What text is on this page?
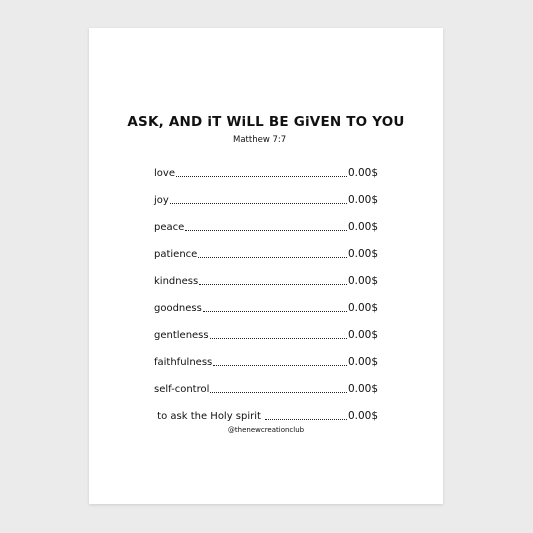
ASK, AND iT WiLL BE GiVEN TO YOU
Matthew 7:7
love	0.00$
joy	0.00$
peace	0.00$
patience	0.00$
kindness	0.00$
goodness	0.00$
gentleness	0.00$
faithfulness	0.00$
self-control	0.00$
to ask the Holy spirit	0.00$
@thenewcreationclub
